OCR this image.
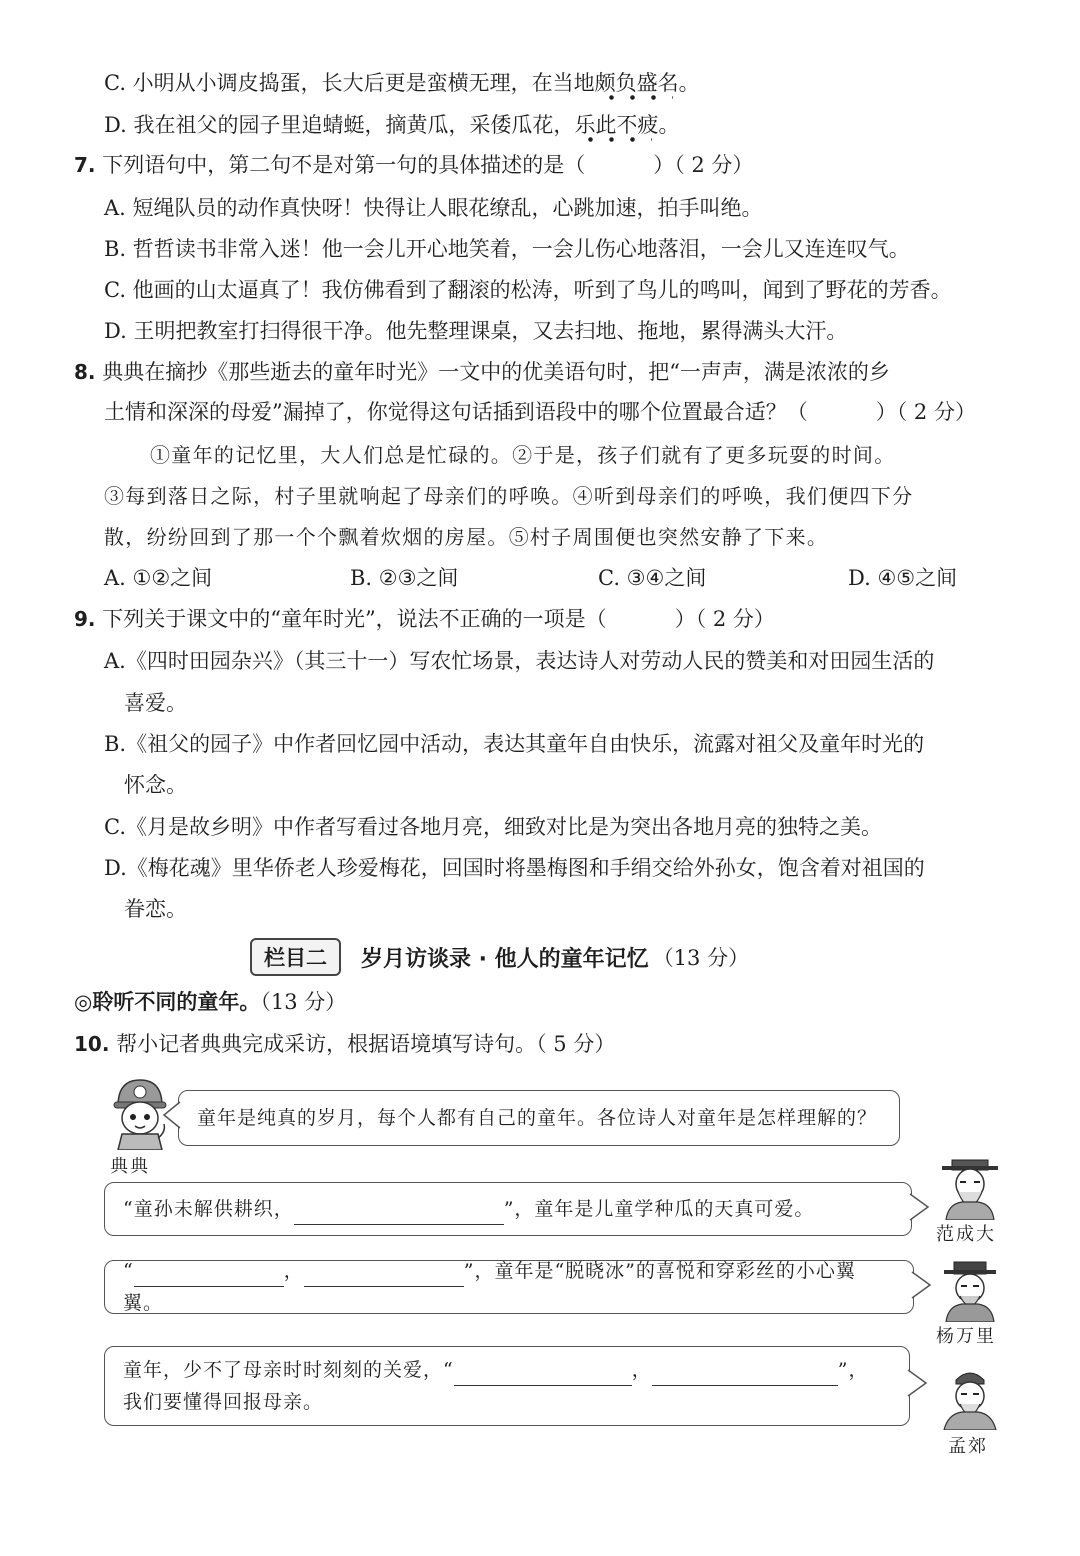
C. 小明从小调皮捣蛋，长大后更是蛮横无理，在当地颇负盛名。
D. 我在祖父的园子里追蜻蜓，摘黄瓜，采倭瓜花，乐此不疲。
7. 下列语句中，第二句不是对第一句的具体描述的是（	）（ 2 分）
A. 短绳队员的动作真快呀！快得让人眼花缭乱，心跳加速，拍手叫绝。
B. 哲哲读书非常入迷！他一会儿开心地笑着，一会儿伤心地落泪，一会儿又连连叹气。
C. 他画的山太逼真了！我仿佛看到了翻滚的松涛，听到了鸟儿的鸣叫，闻到了野花的芳香。
D. 王明把教室打扫得很干净。他先整理课桌，又去扫地、拖地，累得满头大汗。
8. 典典在摘抄《那些逝去的童年时光》一文中的优美语句时，把“一声声，满是浓浓的乡
土情和深深的母爱”漏掉了，你觉得这句话插到语段中的哪个位置最合适？（	）（ 2 分）
①童年的记忆里，大人们总是忙碌的。②于是，孩子们就有了更多玩耍的时间。
③每到落日之际，村子里就响起了母亲们的呼唤。④听到母亲们的呼唤，我们便四下分
散，纷纷回到了那一个个飘着炊烟的房屋。⑤村子周围便也突然安静了下来。
A. ①②之间	B. ②③之间	C. ③④之间	D. ④⑤之间
9. 下列关于课文中的“童年时光”，说法不正确的一项是（	）（ 2 分）
A.《四时田园杂兴》（其三十一）写农忙场景，表达诗人对劳动人民的赞美和对田园生活的
喜爱。
B.《祖父的园子》中作者回忆园中活动，表达其童年自由快乐，流露对祖父及童年时光的
怀念。
C.《月是故乡明》中作者写看过各地月亮，细致对比是为突出各地月亮的独特之美。
D.《梅花魂》里华侨老人珍爱梅花，回国时将墨梅图和手绢交给外孙女，饱含着对祖国的
眷恋。
栏目二	岁月访谈录 · 他人的童年记忆 （13 分）
◎聆听不同的童年。（13 分）
10. 帮小记者典典完成采访，根据语境填写诗句。（ 5 分）
典典
童年是纯真的岁月，每个人都有自己的童年。各位诗人对童年是怎样理解的？
“童孙未解供耕织，	”，童年是儿童学种瓜的天真可爱。
范成大
“	，	”，童年是“脱晓冰”的喜悦和穿彩丝的小心翼翼。
杨万里
童年，少不了母亲时时刻刻的关爱，“	，	”，
我们要懂得回报母亲。
孟郊
